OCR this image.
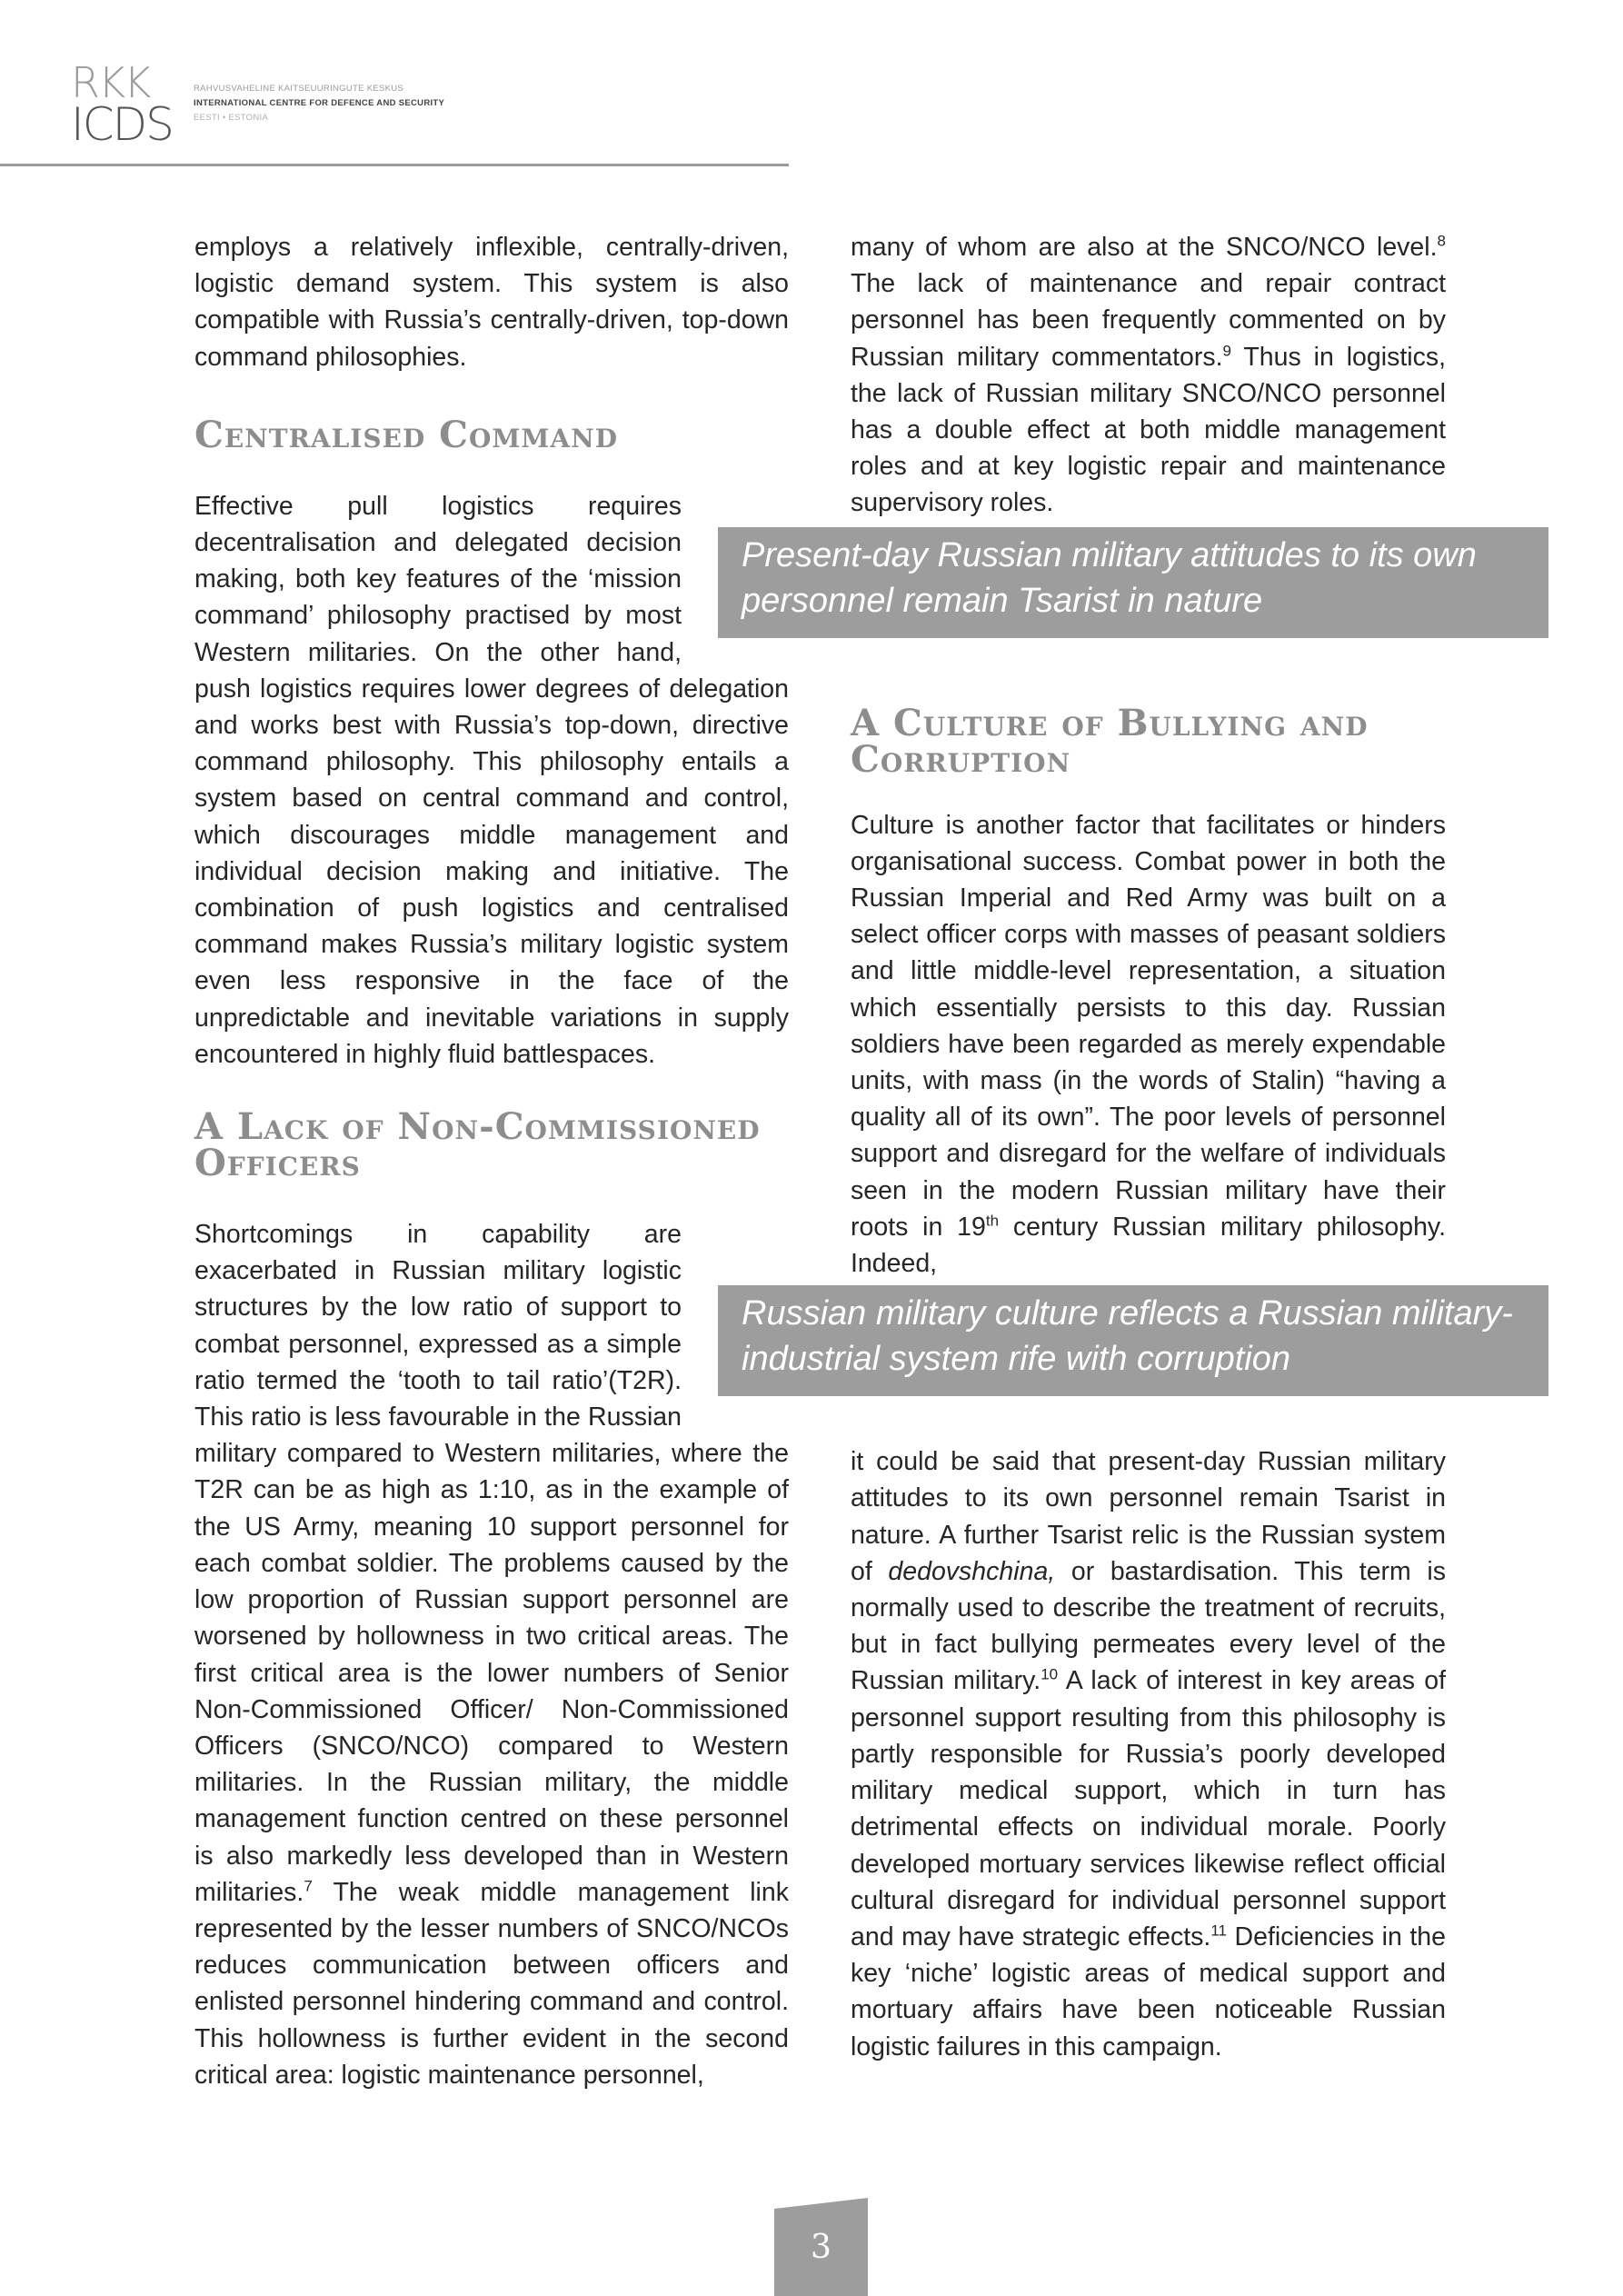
RKK
ICDS
RAHVUSVAHELINE KAITSEUURINGUTE KESKUS
INTERNATIONAL CENTRE FOR DEFENCE AND SECURITY
EESTI • ESTONIA

employs a relatively inflexible, centrally-driven, logistic demand system. This system is also compatible with Russia’s centrally-driven, top-down command philosophies.

Centralised Command

Effective pull logistics requires decentralisation and delegated decision making, both key features of the ‘mission command’ philosophy practised by most Western militaries. On the other hand, push logistics requires lower degrees of delegation and works best with Russia’s top-down, directive command philosophy. This philosophy entails a system based on central command and control, which discourages middle management and individual decision making and initiative. The combination of push logistics and centralised command makes Russia’s military logistic system even less responsive in the face of the unpredictable and inevitable variations in supply encountered in highly fluid battlespaces.

A Lack of Non-Commissioned Officers

Shortcomings in capability are exacerbated in Russian military logistic structures by the low ratio of support to combat personnel, expressed as a simple ratio termed the ‘tooth to tail ratio’(T2R). This ratio is less favourable in the Russian military compared to Western militaries, where the T2R can be as high as 1:10, as in the example of the US Army, meaning 10 support personnel for each combat soldier. The problems caused by the low proportion of Russian support personnel are worsened by hollowness in two critical areas. The first critical area is the lower numbers of Senior Non-Commissioned Officer/ Non-Commissioned Officers (SNCO/NCO) compared to Western militaries. In the Russian military, the middle management function centred on these personnel is also markedly less developed than in Western militaries.$^7$ The weak middle management link represented by the lesser numbers of SNCO/NCOs reduces communication between officers and enlisted personnel hindering command and control. This hollowness is further evident in the second critical area: logistic maintenance personnel,

many of whom are also at the SNCO/NCO level.$^8$ The lack of maintenance and repair contract personnel has been frequently commented on by Russian military commentators.$^9$ Thus in logistics, the lack of Russian military SNCO/NCO personnel has a double effect at both middle management roles and at key logistic repair and maintenance supervisory roles.

A Culture of Bullying and Corruption

Culture is another factor that facilitates or hinders organisational success. Combat power in both the Russian Imperial and Red Army was built on a select officer corps with masses of peasant soldiers and little middle-level representation, a situation which essentially persists to this day. Russian soldiers have been regarded as merely expendable units, with mass (in the words of Stalin) “having a quality all of its own”. The poor levels of personnel support and disregard for the welfare of individuals seen in the modern Russian military have their roots in 19th century Russian military philosophy. Indeed,

it could be said that present-day Russian military attitudes to its own personnel remain Tsarist in nature. A further Tsarist relic is the Russian system of dedovshchina, or bastardisation. This term is normally used to describe the treatment of recruits, but in fact bullying permeates every level of the Russian military.$^{10}$ A lack of interest in key areas of personnel support resulting from this philosophy is partly responsible for Russia’s poorly developed military medical support, which in turn has detrimental effects on individual morale. Poorly developed mortuary services likewise reflect official cultural disregard for individual personnel support and may have strategic effects.$^{11}$ Deficiencies in the key ‘niche’ logistic areas of medical support and mortuary affairs have been noticeable Russian logistic failures in this campaign.

Present-day Russian military attitudes to its own personnel remain Tsarist in nature
Russian military culture reflects a Russian military-industrial system rife with corruption
3
